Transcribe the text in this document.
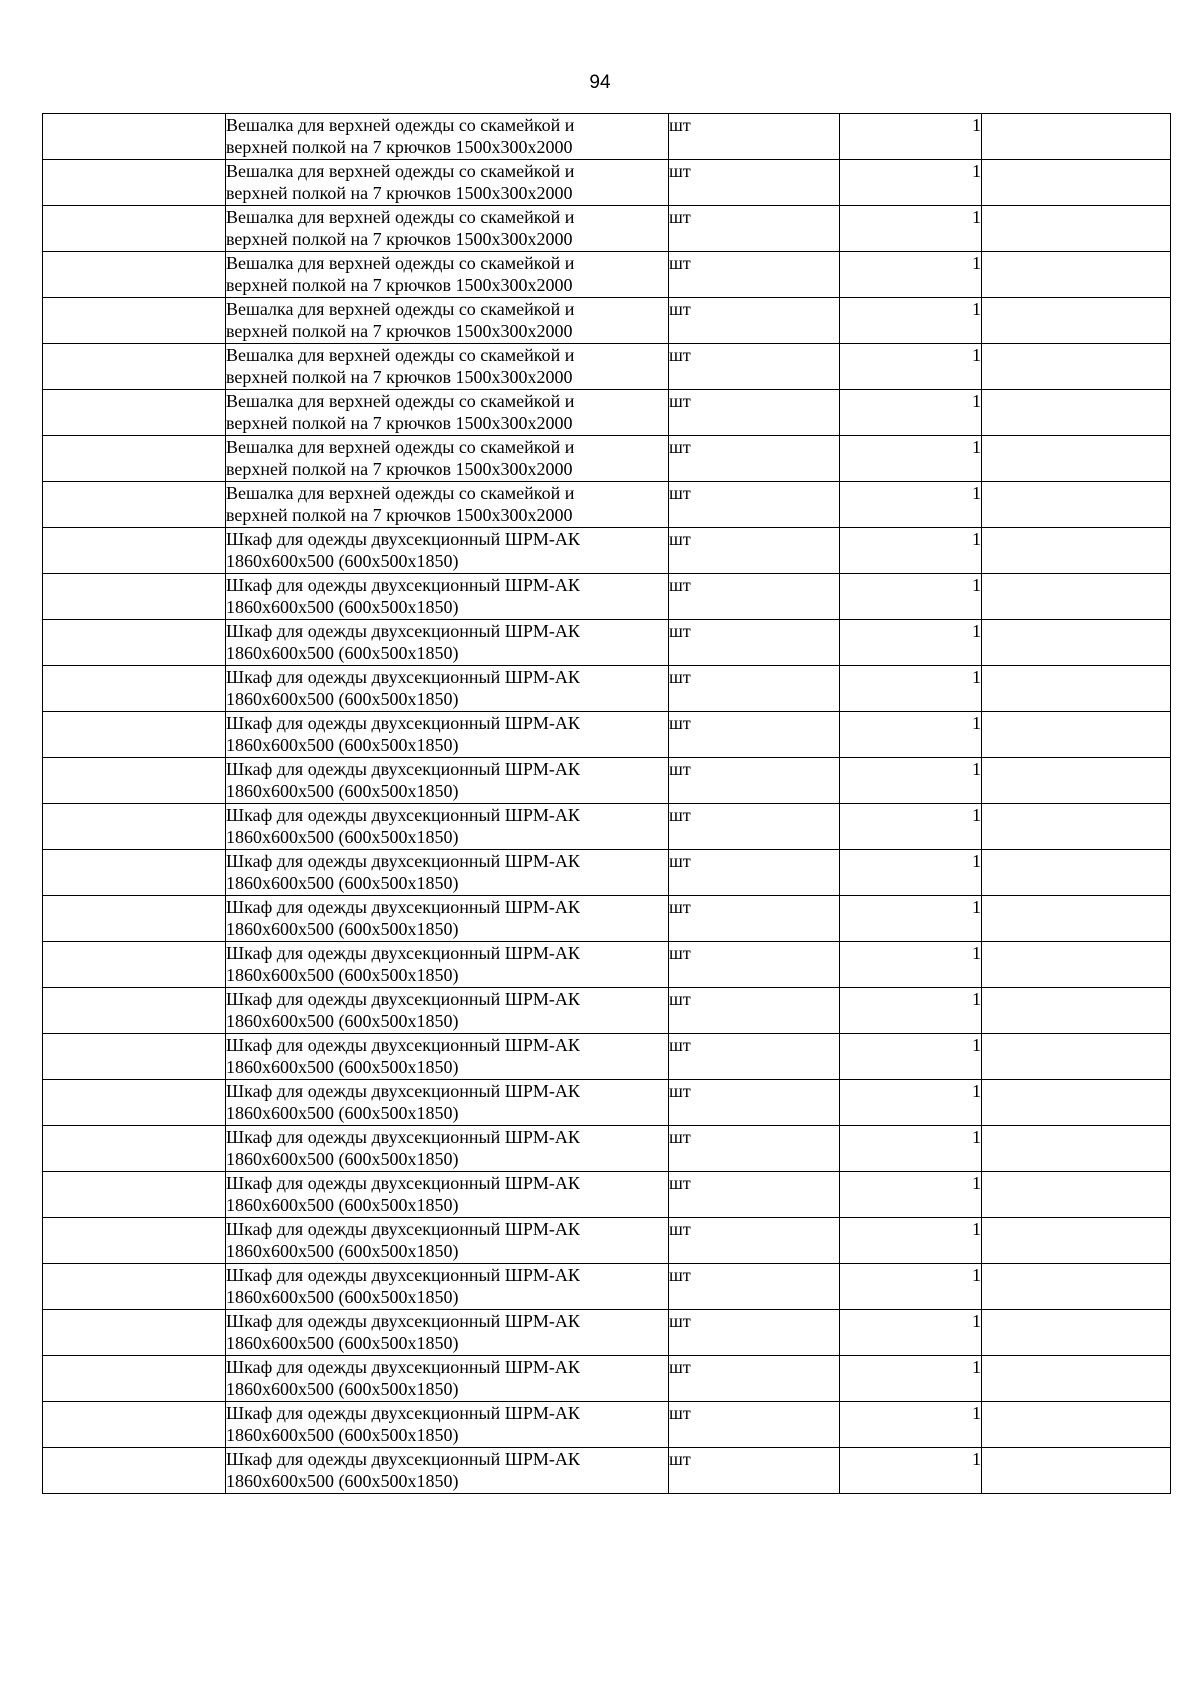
94

	Вешалка для верхней одежды со скамейкой и
верхней полкой на 7 крючков 1500х300х2000	шт	1	

	Вешалка для верхней одежды со скамейкой и
верхней полкой на 7 крючков 1500х300х2000	шт	1	

	Вешалка для верхней одежды со скамейкой и
верхней полкой на 7 крючков 1500х300х2000	шт	1	

	Вешалка для верхней одежды со скамейкой и
верхней полкой на 7 крючков 1500х300х2000	шт	1	

	Вешалка для верхней одежды со скамейкой и
верхней полкой на 7 крючков 1500х300х2000	шт	1	

	Вешалка для верхней одежды со скамейкой и
верхней полкой на 7 крючков 1500х300х2000	шт	1	

	Вешалка для верхней одежды со скамейкой и
верхней полкой на 7 крючков 1500х300х2000	шт	1	

	Вешалка для верхней одежды со скамейкой и
верхней полкой на 7 крючков 1500х300х2000	шт	1	

	Вешалка для верхней одежды со скамейкой и
верхней полкой на 7 крючков 1500х300х2000	шт	1	

	Шкаф для одежды двухсекционный ШРМ-АК
1860х600х500 (600х500х1850)	шт	1	

	Шкаф для одежды двухсекционный ШРМ-АК
1860х600х500 (600х500х1850)	шт	1	

	Шкаф для одежды двухсекционный ШРМ-АК
1860х600х500 (600х500х1850)	шт	1	

	Шкаф для одежды двухсекционный ШРМ-АК
1860х600х500 (600х500х1850)	шт	1	

	Шкаф для одежды двухсекционный ШРМ-АК
1860х600х500 (600х500х1850)	шт	1	

	Шкаф для одежды двухсекционный ШРМ-АК
1860х600х500 (600х500х1850)	шт	1	

	Шкаф для одежды двухсекционный ШРМ-АК
1860х600х500 (600х500х1850)	шт	1	

	Шкаф для одежды двухсекционный ШРМ-АК
1860х600х500 (600х500х1850)	шт	1	

	Шкаф для одежды двухсекционный ШРМ-АК
1860х600х500 (600х500х1850)	шт	1	

	Шкаф для одежды двухсекционный ШРМ-АК
1860х600х500 (600х500х1850)	шт	1	

	Шкаф для одежды двухсекционный ШРМ-АК
1860х600х500 (600х500х1850)	шт	1	

	Шкаф для одежды двухсекционный ШРМ-АК
1860х600х500 (600х500х1850)	шт	1	

	Шкаф для одежды двухсекционный ШРМ-АК
1860х600х500 (600х500х1850)	шт	1	

	Шкаф для одежды двухсекционный ШРМ-АК
1860х600х500 (600х500х1850)	шт	1	

	Шкаф для одежды двухсекционный ШРМ-АК
1860х600х500 (600х500х1850)	шт	1	

	Шкаф для одежды двухсекционный ШРМ-АК
1860х600х500 (600х500х1850)	шт	1	

	Шкаф для одежды двухсекционный ШРМ-АК
1860х600х500 (600х500х1850)	шт	1	

	Шкаф для одежды двухсекционный ШРМ-АК
1860х600х500 (600х500х1850)	шт	1	

	Шкаф для одежды двухсекционный ШРМ-АК
1860х600х500 (600х500х1850)	шт	1	

	Шкаф для одежды двухсекционный ШРМ-АК
1860х600х500 (600х500х1850)	шт	1	

	Шкаф для одежды двухсекционный ШРМ-АК
1860х600х500 (600х500х1850)	шт	1	
